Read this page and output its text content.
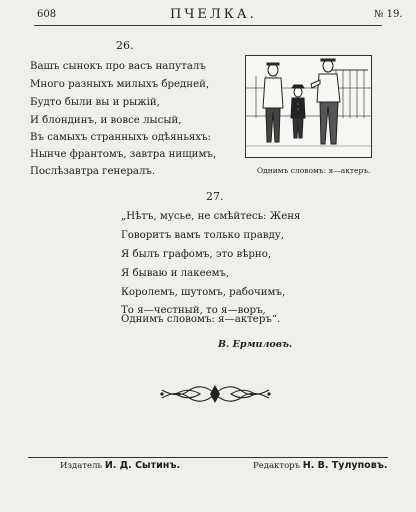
608	ПЧЕЛКА.	№ 19.
26.
Вашъ сынокъ про васъ напуталъ
Много разныхъ милыхъ бредней,
Будто были вы и рыжій,
И блондинъ, и вовсе лысый,
Въ самыхъ странныхъ одѣяньяхъ:
Нынче франтомъ, завтра нищимъ,
Послѣзавтра генералъ.	Однимъ словомъ: я—актеръ.
27.
„Нѣтъ, мусье, не смѣйтесь: Женя
Говоритъ вамъ только правду,
Я былъ графомъ, это вѣрно,
Я бываю и лакеемъ,
Королемъ, шутомъ, рабочимъ,
То я—честный, то я—воръ,
Однимъ словомъ: я—актеръ“.
В. Ермиловъ.
Издатель И. Д. Сытинъ.	Редакторъ Н. В. Тулуповъ.
